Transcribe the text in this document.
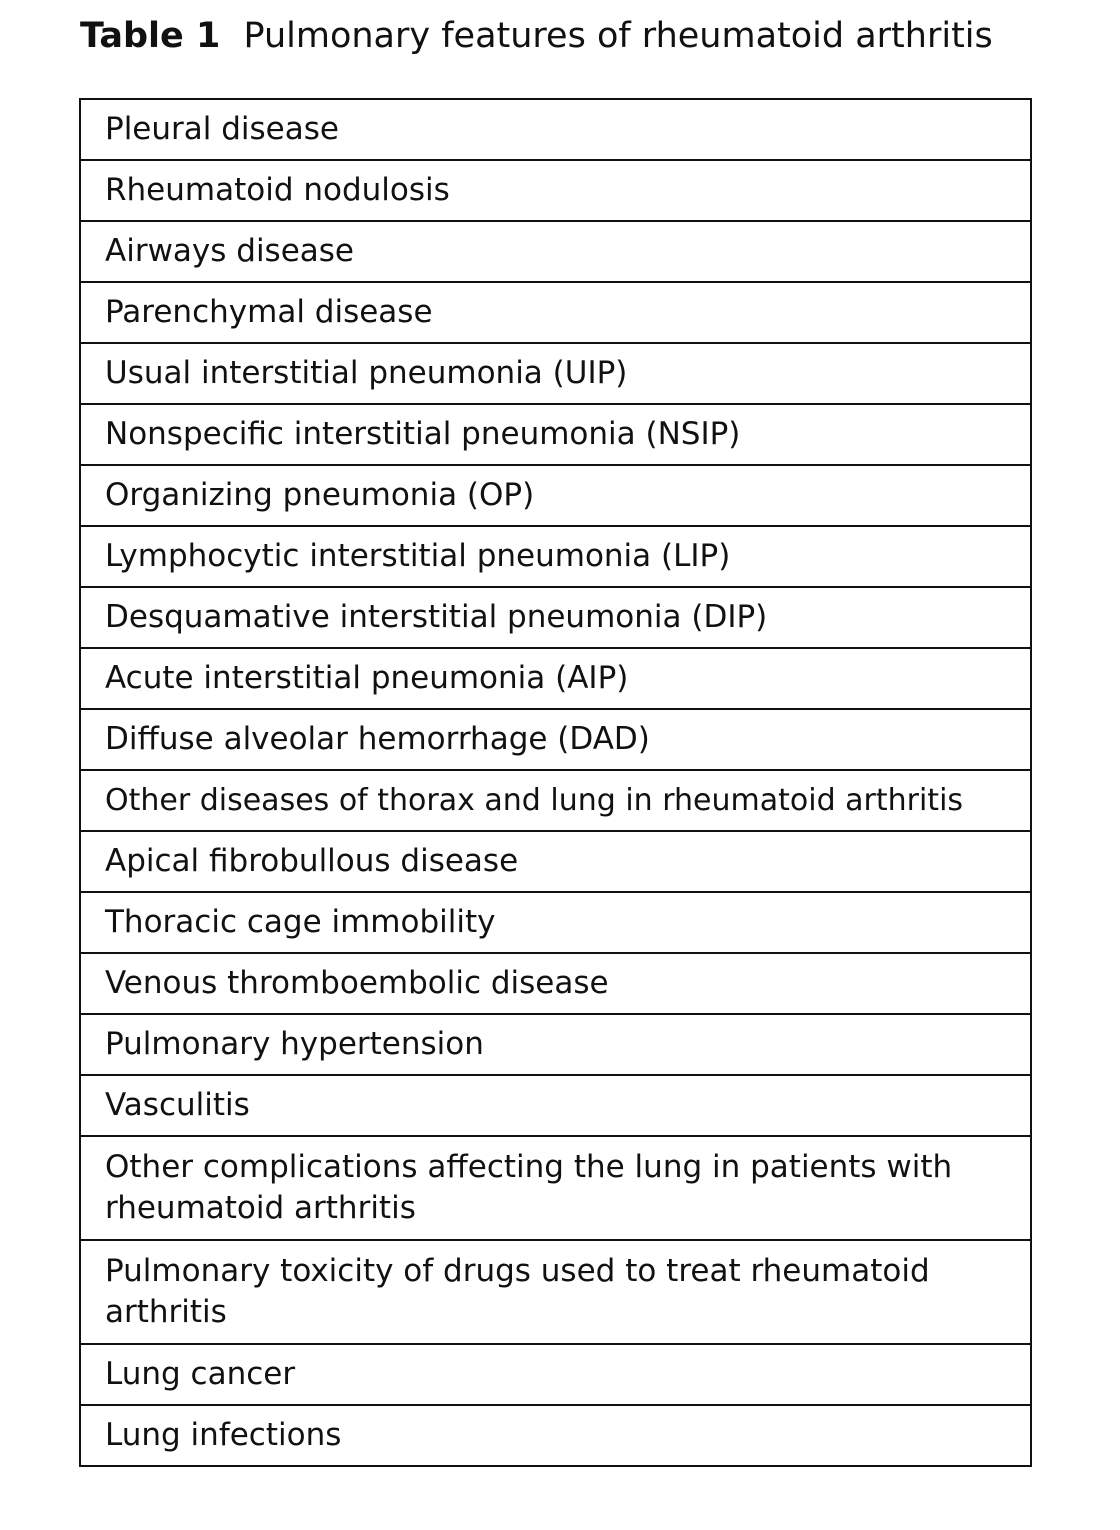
Table 1 Pulmonary features of rheumatoid arthritis
Pleural disease
Rheumatoid nodulosis
Airways disease
Parenchymal disease
Usual interstitial pneumonia (UIP)
Nonspecific interstitial pneumonia (NSIP)
Organizing pneumonia (OP)
Lymphocytic interstitial pneumonia (LIP)
Desquamative interstitial pneumonia (DIP)
Acute interstitial pneumonia (AIP)
Diffuse alveolar hemorrhage (DAD)
Other diseases of thorax and lung in rheumatoid arthritis
Apical fibrobullous disease
Thoracic cage immobility
Venous thromboembolic disease
Pulmonary hypertension
Vasculitis
Other complications affecting the lung in patients with rheumatoid arthritis
Pulmonary toxicity of drugs used to treat rheumatoid arthritis
Lung cancer
Lung infections
